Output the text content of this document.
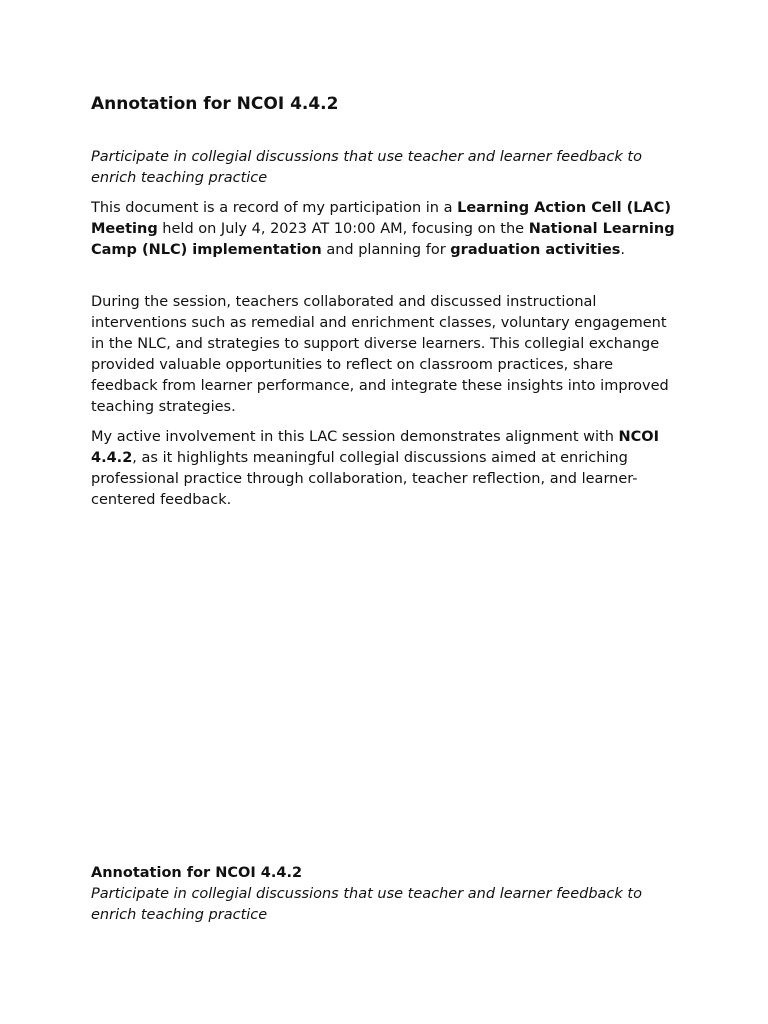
Annotation for NCOI 4.4.2

Participate in collegial discussions that use teacher and learner feedback to enrich teaching practice

This document is a record of my participation in a Learning Action Cell (LAC) Meeting held on July 4, 2023 AT 10:00 AM, focusing on the National Learning Camp (NLC) implementation and planning for graduation activities.

During the session, teachers collaborated and discussed instructional interventions such as remedial and enrichment classes, voluntary engagement in the NLC, and strategies to support diverse learners. This collegial exchange provided valuable opportunities to reflect on classroom practices, share feedback from learner performance, and integrate these insights into improved teaching strategies.

My active involvement in this LAC session demonstrates alignment with NCOI 4.4.2, as it highlights meaningful collegial discussions aimed at enriching professional practice through collaboration, teacher reflection, and learner-centered feedback.

Annotation for NCOI 4.4.2

Participate in collegial discussions that use teacher and learner feedback to enrich teaching practice
